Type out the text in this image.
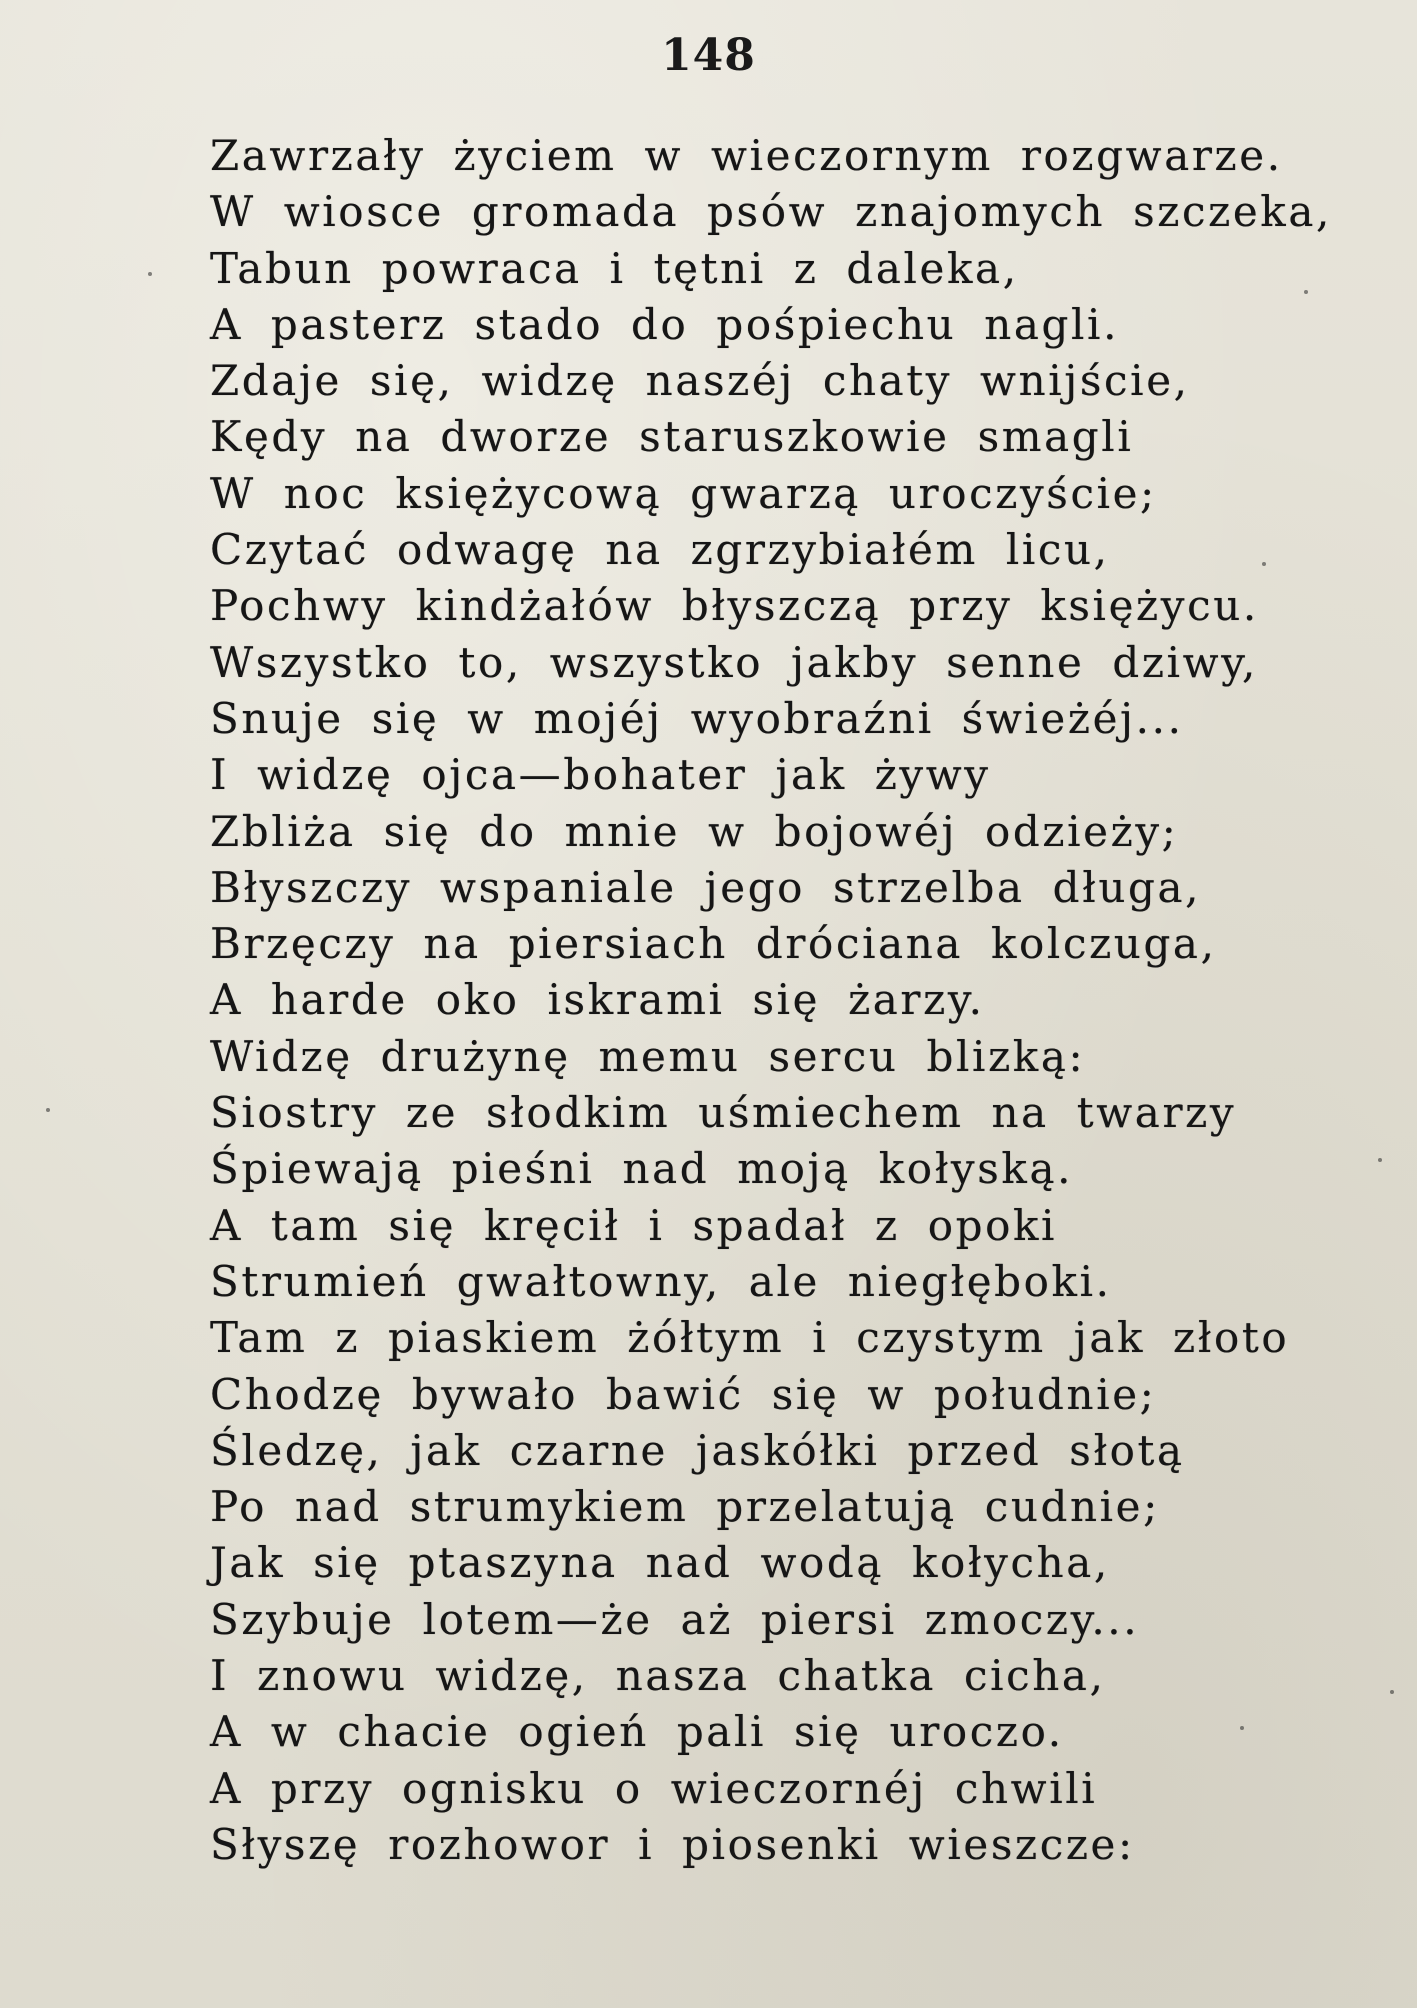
148
Zawrzały życiem w wieczornym rozgwarze.
W wiosce gromada psów znajomych szczeka,
Tabun powraca i tętni z daleka,
A pasterz stado do pośpiechu nagli.
Zdaje się, widzę naszéj chaty wnijście,
Kędy na dworze staruszkowie smagli
W noc księżycową gwarzą uroczyście;
Czytać odwagę na zgrzybiałém licu,
Pochwy kindżałów błyszczą przy księżycu.
Wszystko to, wszystko jakby senne dziwy,
Snuje się w mojéj wyobraźni świeżéj...
I widzę ojca—bohater jak żywy
Zbliża się do mnie w bojowéj odzieży;
Błyszczy wspaniale jego strzelba długa,
Brzęczy na piersiach dróciana kolczuga,
A harde oko iskrami się żarzy.
Widzę drużynę memu sercu blizką:
Siostry ze słodkim uśmiechem na twarzy
Śpiewają pieśni nad moją kołyską.
A tam się kręcił i spadał z opoki
Strumień gwałtowny, ale niegłęboki.
Tam z piaskiem żółtym i czystym jak złoto
Chodzę bywało bawić się w południe;
Śledzę, jak czarne jaskółki przed słotą
Po nad strumykiem przelatują cudnie;
Jak się ptaszyna nad wodą kołycha,
Szybuje lotem—że aż piersi zmoczy...
I znowu widzę, nasza chatka cicha,
A w chacie ogień pali się uroczo.
A przy ognisku o wieczornéj chwili
Słyszę rozhowor i piosenki wieszcze:
